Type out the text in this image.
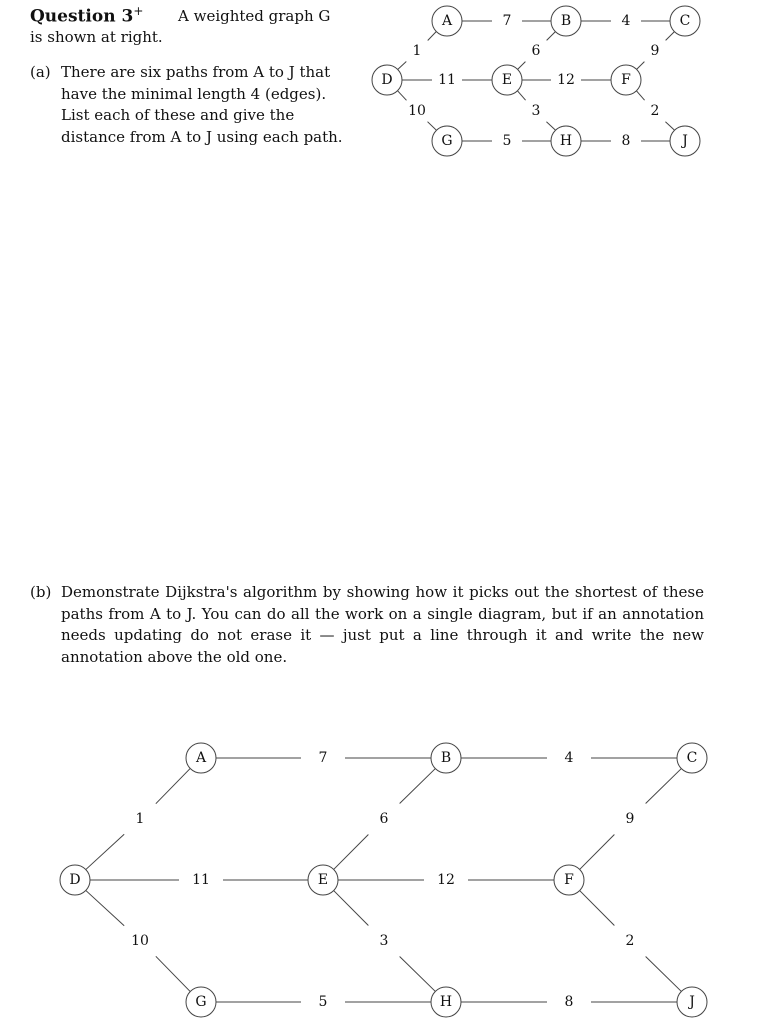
Question 3+ A weighted graph G
is shown at right.
(a) There are six paths from A to J that have the minimal length 4 (edges). List each of these and give the distance from A to J using each path.
(b) Demonstrate Dijkstra's algorithm by showing how it picks out the shortest of these paths from A to J. You can do all the work on a single diagram, but if an annotation needs updating do not erase it — just put a line through it and write the new annotation above the old one.
7	4
1	6	9
11	12
10	3	2
5	8
A	B	C
D	E	F
G	H	J
7	4
1	6	9
11	12
10	3	2
5	8
A	B	C
D	E	F
G	H	J
